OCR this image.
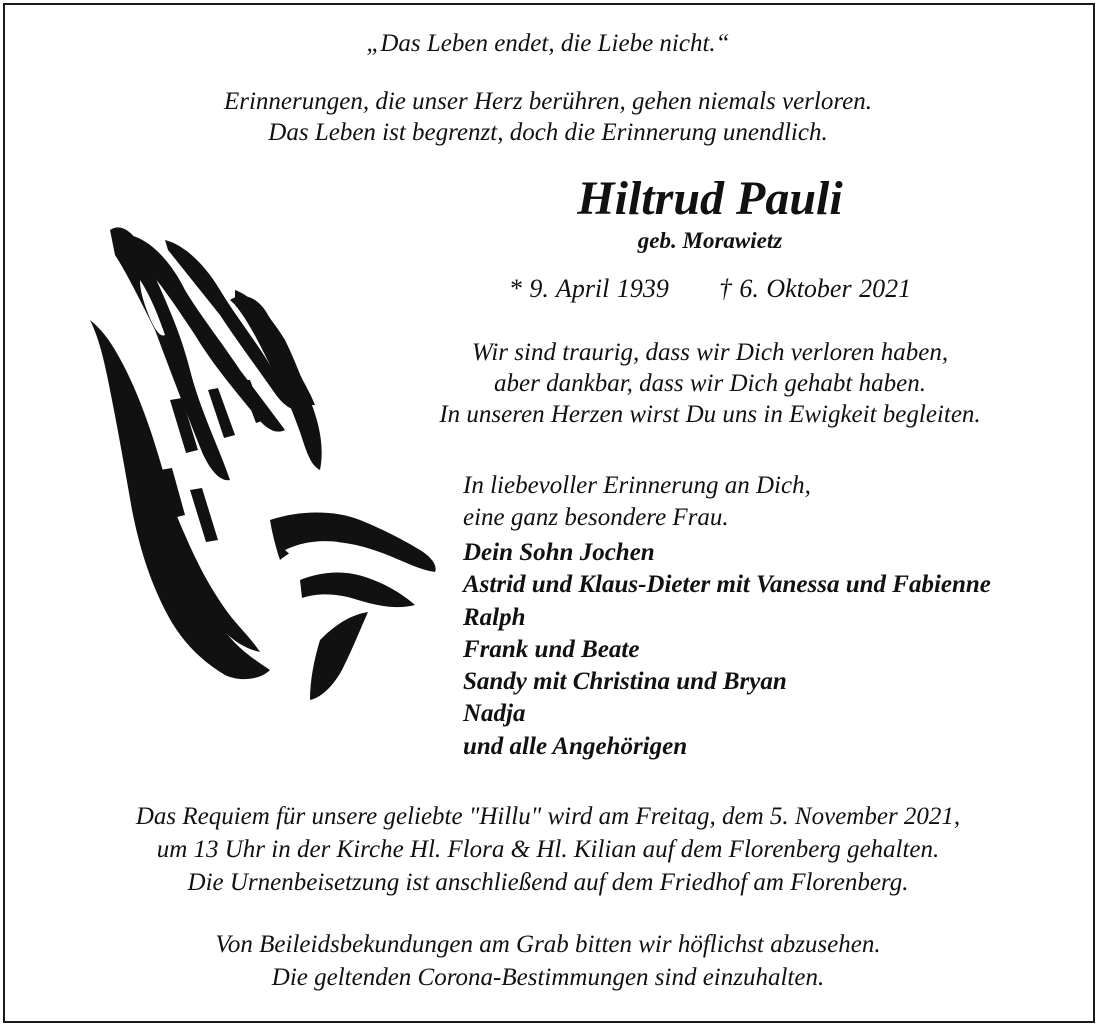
„Das Leben endet, die Liebe nicht.“
Erinnerungen, die unser Herz berühren, gehen niemals verloren.
Das Leben ist begrenzt, doch die Erinnerung unendlich.
Hiltrud Pauli
geb. Morawietz
* 9. April 1939 † 6. Oktober 2021
Wir sind traurig, dass wir Dich verloren haben,
aber dankbar, dass wir Dich gehabt haben.
In unseren Herzen wirst Du uns in Ewigkeit begleiten.
In liebevoller Erinnerung an Dich,
eine ganz besondere Frau.
Dein Sohn Jochen
Astrid und Klaus-Dieter mit Vanessa und Fabienne
Ralph
Frank und Beate
Sandy mit Christina und Bryan
Nadja
und alle Angehörigen
Das Requiem für unsere geliebte "Hillu" wird am Freitag, dem 5. November 2021,
um 13 Uhr in der Kirche Hl. Flora & Hl. Kilian auf dem Florenberg gehalten.
Die Urnenbeisetzung ist anschließend auf dem Friedhof am Florenberg.
Von Beileidsbekundungen am Grab bitten wir höflichst abzusehen.
Die geltenden Corona-Bestimmungen sind einzuhalten.
